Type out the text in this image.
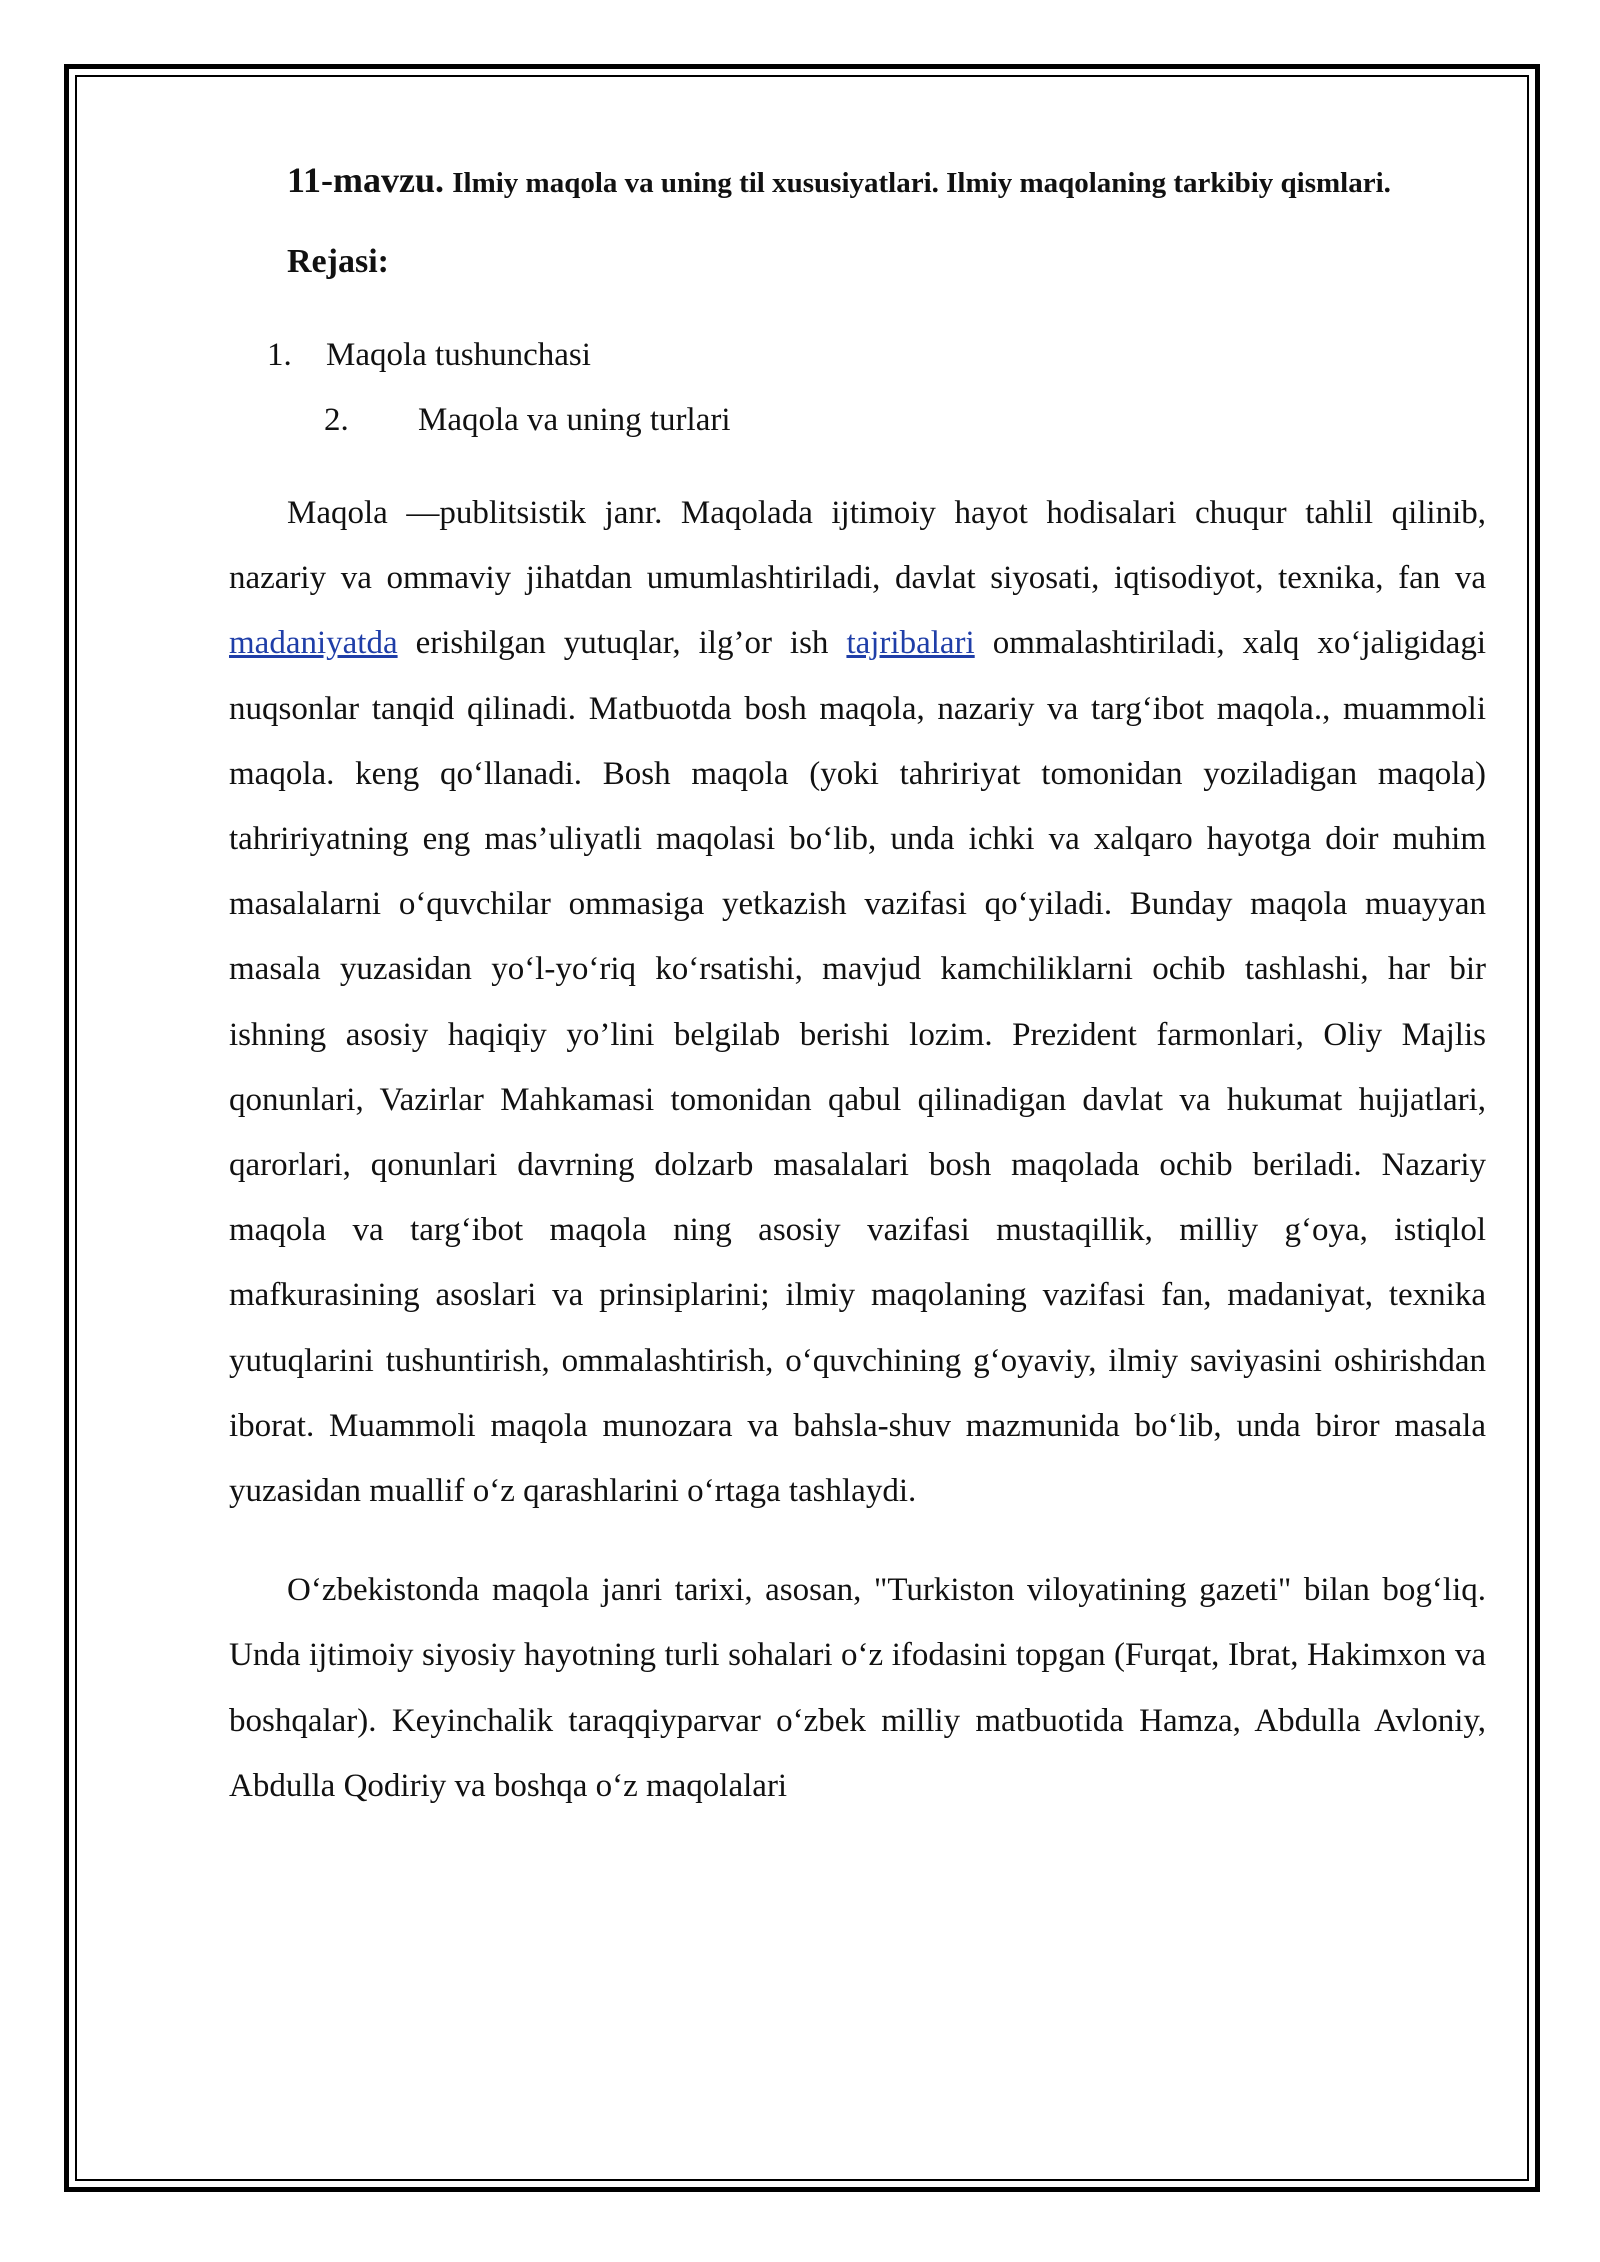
11-mavzu. Ilmiy maqola va uning til xususiyatlari. Ilmiy maqolaning tarkibiy qismlari.

Rejasi:

1. Maqola tushunchasi
2. Maqola va uning turlari

Maqola —publitsistik janr. Maqolada ijtimoiy hayot hodisalari chuqur tahlil qilinib, nazariy va ommaviy jihatdan umumlashtiriladi, davlat siyosati, iqtisodiyot, texnika, fan va madaniyatda erishilgan yutuqlar, ilg’or ish tajribalari ommalashtiriladi, xalq xo‘jaligidagi nuqsonlar tanqid qilinadi. Matbuotda bosh maqola, nazariy va targ‘ibot maqola., muammoli maqola. keng qo‘llanadi. Bosh maqola (yoki tahririyat tomonidan yoziladigan maqola) tahririyatning eng mas’uliyatli maqolasi bo‘lib, unda ichki va xalqaro hayotga doir muhim masalalarni o‘quvchilar ommasiga yetkazish vazifasi qo‘yiladi. Bunday maqola muayyan masala yuzasidan yo‘l-yo‘riq ko‘rsatishi, mavjud kamchiliklarni ochib tashlashi, har bir ishning asosiy haqiqiy yo’lini belgilab berishi lozim. Prezident farmonlari, Oliy Majlis qonunlari, Vazirlar Mahkamasi tomonidan qabul qilinadigan davlat va hukumat hujjatlari, qarorlari, qonunlari davrning dolzarb masalalari bosh maqolada ochib beriladi. Nazariy maqola va targ‘ibot maqola ning asosiy vazifasi mustaqillik, milliy g‘oya, istiqlol mafkurasining asoslari va prinsiplarini; ilmiy maqolaning vazifasi fan, madaniyat, texnika yutuqlarini tushuntirish, ommalashtirish, o‘quvchining g‘oyaviy, ilmiy saviyasini oshirishdan iborat. Muammoli maqola munozara va bahsla-shuv mazmunida bo‘lib, unda biror masala yuzasidan muallif o‘z qarashlarini o‘rtaga tashlaydi.

O‘zbekistonda maqola janri tarixi, asosan, "Turkiston viloyatining gazeti" bilan bog‘liq. Unda ijtimoiy siyosiy hayotning turli sohalari o‘z ifodasini topgan (Furqat, Ibrat, Hakimxon va boshqalar). Keyinchalik taraqqiyparvar o‘zbek milliy matbuotida Hamza, Abdulla Avloniy, Abdulla Qodiriy va boshqa o‘z maqolalari
